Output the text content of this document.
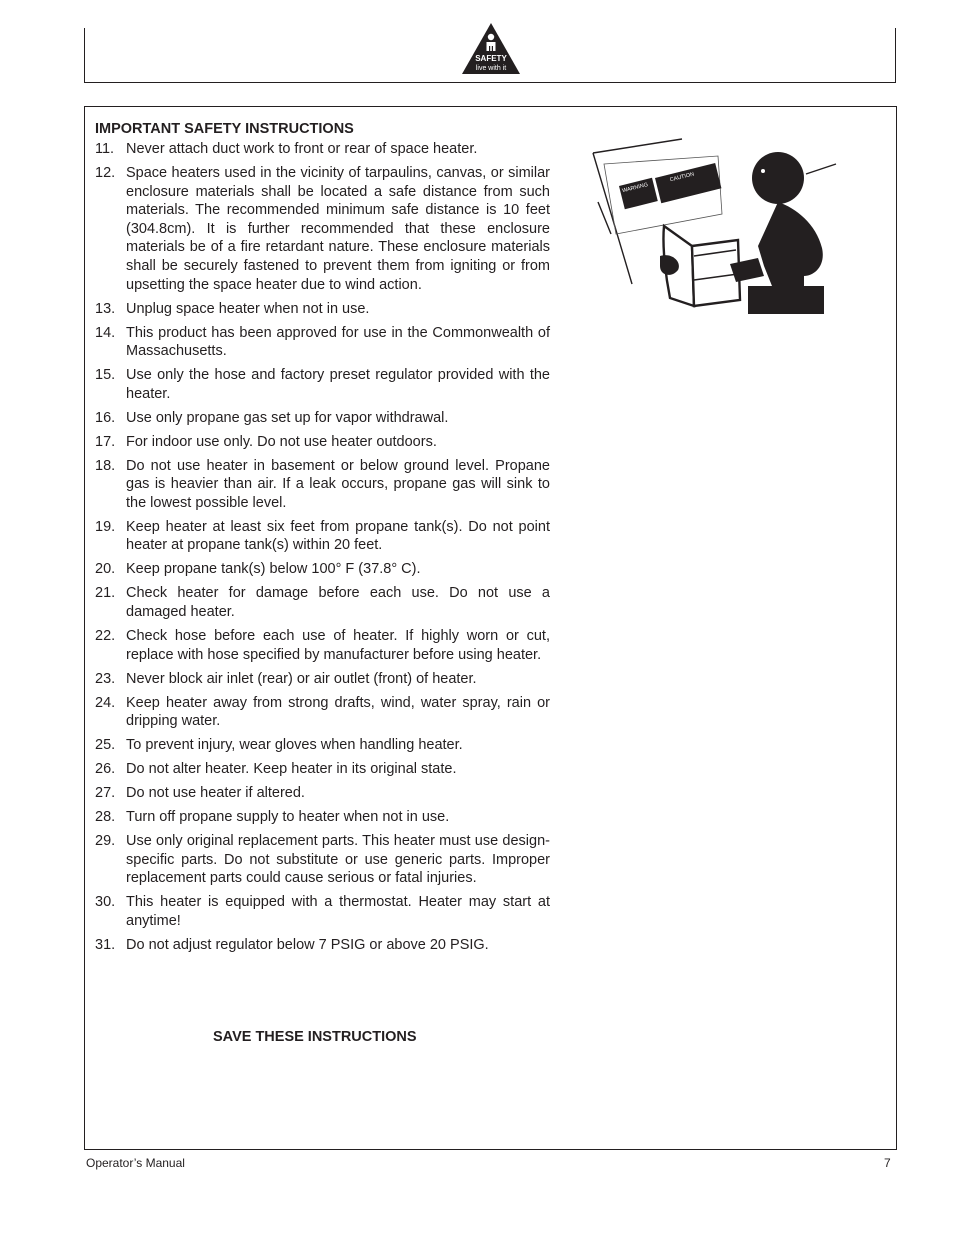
SAFETY
live with it
IMPORTANT SAFETY INSTRUCTIONS
11. Never attach duct work to front or rear of space heater.
12. Space heaters used in the vicinity of tarpaulins, canvas, or similar enclosure materials shall be located a safe distance from such materials. The recommended minimum safe distance is 10 feet (304.8cm). It is further recommended that these enclosure materials be of a fire retardant nature. These enclosure materials shall be securely fastened to prevent them from igniting or from upsetting the space heater due to wind action.
13. Unplug space heater when not in use.
14. This product has been approved for use in the Commonwealth of Massachusetts.
15. Use only the hose and factory preset regulator provided with the heater.
16. Use only propane gas set up for vapor withdrawal.
17. For indoor use only. Do not use heater outdoors.
18. Do not use heater in basement or below ground level. Propane gas is heavier than air. If a leak occurs, propane gas will sink to the lowest possible level.
19. Keep heater at least six feet from propane tank(s). Do not point heater at propane tank(s) within 20 feet.
20. Keep propane tank(s) below 100° F (37.8° C).
21. Check heater for damage before each use. Do not use a damaged heater.
22. Check hose before each use of heater. If highly worn or cut, replace with hose specified by manufacturer before using heater.
23. Never block air inlet (rear) or air outlet (front) of heater.
24. Keep heater away from strong drafts, wind, water spray, rain or dripping water.
25. To prevent injury, wear gloves when handling heater.
26. Do not alter heater. Keep heater in its original state.
27. Do not use heater if altered.
28. Turn off propane supply to heater when not in use.
29. Use only original replacement parts. This heater must use design-specific parts. Do not substitute or use generic parts. Improper replacement parts could cause serious or fatal injuries.
30. This heater is equipped with a thermostat. Heater may start at anytime!
31. Do not adjust regulator below 7 PSIG or above 20 PSIG.
SAVE THESE INSTRUCTIONS
WARNING
CAUTION
Operator’s Manual	7
